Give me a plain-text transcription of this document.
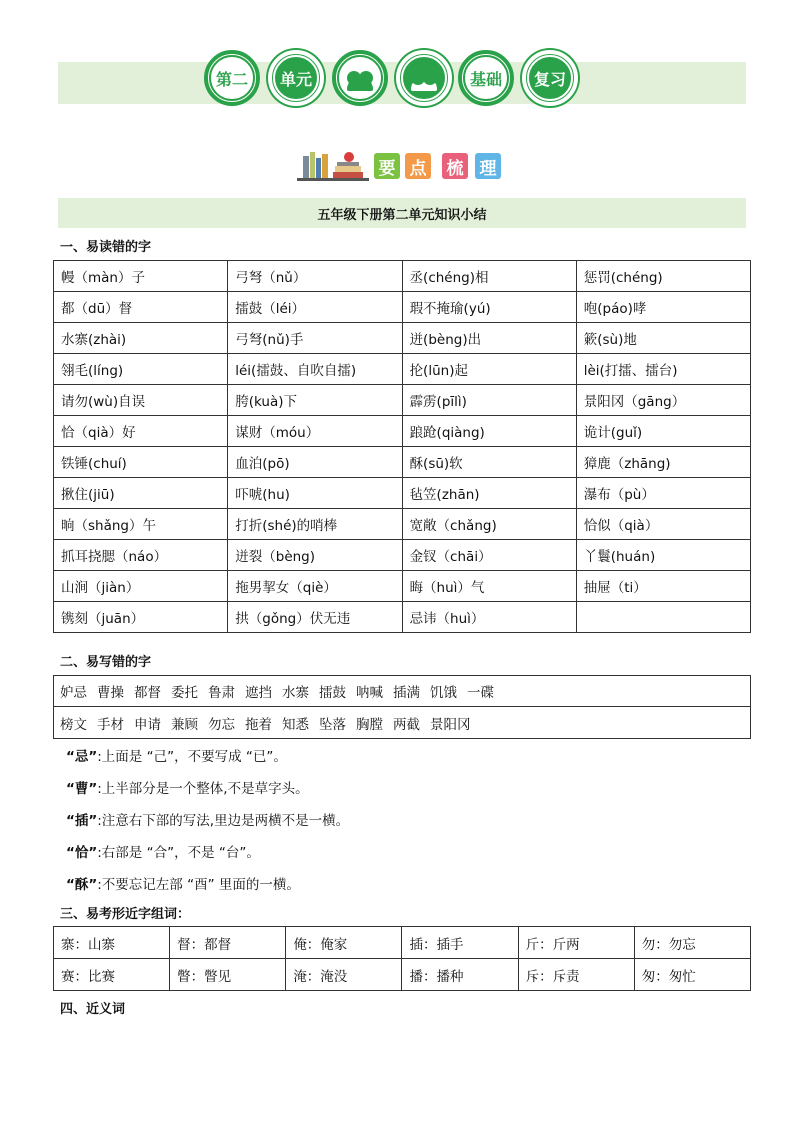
第二 单元	基础 复习
要 点 梳 理
五年级下册第二单元知识小结
一、易读错的字
幔（màn）子	弓弩（nǔ）	丞(chéng)相	惩罚(chéng)
都（dū）督	擂鼓（léi）	瑕不掩瑜(yú)	咆(páo)哮
水寨(zhài)	弓弩(nǔ)手	迸(bèng)出	簌(sù)地
翎毛(líng)	léi(擂鼓、自吹自擂)	抡(lūn)起	lèi(打擂、擂台)
请勿(wù)自误	胯(kuà)下	霹雳(pīlì)	景阳冈（gāng）
恰（qià）好	谋财（móu）	踉跄(qiàng)	诡计(guǐ)
铁锤(chuí)	血泊(pō)	酥(sū)软	獐鹿（zhāng)
揪住(jiū)	吓唬(hu)	毡笠(zhān)	瀑布（pù）
晌（shǎng）午	打折(shé)的哨棒	宽敞（chǎng)	恰似（qià）
抓耳挠腮（náo）	迸裂（bèng)	金钗（chāi）	丫鬟(huán)
山涧（jiàn）	拖男挈女（qiè）	晦（huì）气	抽屉（ti）
镌刻（juān）	拱（gǒng）伏无违	忌讳（huì）	
二、易写错的字
妒忌 曹操 都督 委托 鲁肃 遮挡 水寨 擂鼓 呐喊 插满 饥饿 一碟
榜文 手材 申请 兼顾 勿忘 拖着 知悉 坠落 胸膛 两截 景阳冈
“忌”:上面是 “己”，不要写成 “已”。
“曹”:上半部分是一个整体,不是草字头。
“插”:注意右下部的写法,里边是两横不是一横。
“恰”:右部是 “合”，不是 “台”。
“酥”:不要忘记左部 “酉” 里面的一横。
三、易考形近字组词：
寨：山寨	督：都督	俺：俺家	插：插手	斤：斤两	勿：勿忘
赛：比赛	瞥：瞥见	淹：淹没	播：播种	斥：斥责	匆：匆忙
四、近义词
